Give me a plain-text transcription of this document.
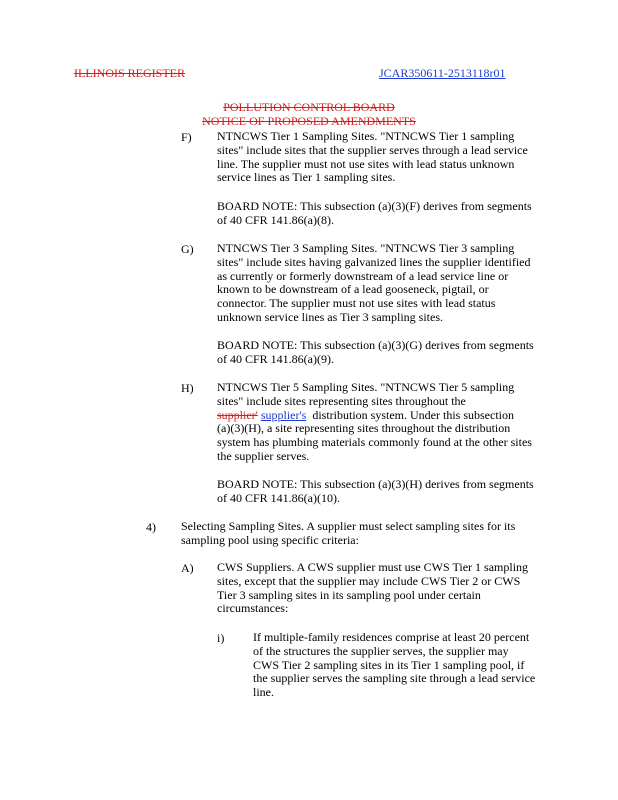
ILLINOIS REGISTER	JCAR350611-2513118r01
POLLUTION CONTROL BOARD
NOTICE OF PROPOSED AMENDMENTS
F) NTNCWS Tier 1 Sampling Sites. "NTNCWS Tier 1 sampling
sites" include sites that the supplier serves through a lead service
line. The supplier must not use sites with lead status unknown
service lines as Tier 1 sampling sites.
BOARD NOTE: This subsection (a)(3)(F) derives from segments
of 40 CFR 141.86(a)(8).
G) NTNCWS Tier 3 Sampling Sites. "NTNCWS Tier 3 sampling
sites" include sites having galvanized lines the supplier identified
as currently or formerly downstream of a lead service line or
known to be downstream of a lead gooseneck, pigtail, or
connector. The supplier must not use sites with lead status
unknown service lines as Tier 3 sampling sites.
BOARD NOTE: This subsection (a)(3)(G) derives from segments
of 40 CFR 141.86(a)(9).
H) NTNCWS Tier 5 Sampling Sites. "NTNCWS Tier 5 sampling
sites" include sites representing sites throughout the
supplier' supplier's  distribution system. Under this subsection
(a)(3)(H), a site representing sites throughout the distribution
system has plumbing materials commonly found at the other sites
the supplier serves.
BOARD NOTE: This subsection (a)(3)(H) derives from segments
of 40 CFR 141.86(a)(10).
4) Selecting Sampling Sites. A supplier must select sampling sites for its
sampling pool using specific criteria:
A) CWS Suppliers. A CWS supplier must use CWS Tier 1 sampling
sites, except that the supplier may include CWS Tier 2 or CWS
Tier 3 sampling sites in its sampling pool under certain
circumstances:
i) If multiple-family residences comprise at least 20 percent
of the structures the supplier serves, the supplier may
CWS Tier 2 sampling sites in its Tier 1 sampling pool, if
the supplier serves the sampling site through a lead service
line.
